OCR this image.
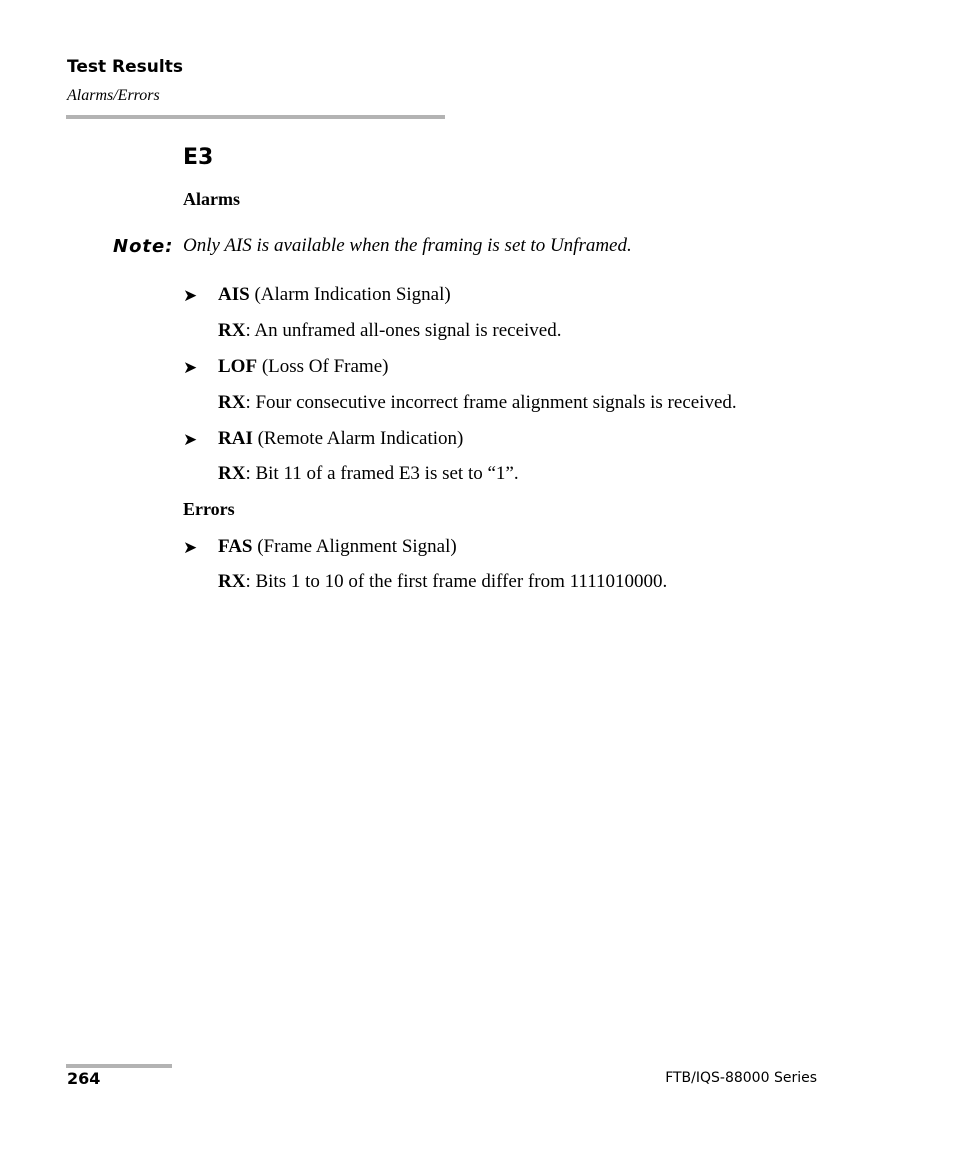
Test Results
Alarms/Errors
E3
Alarms
Note: Only AIS is available when the framing is set to Unframed.
➤ AIS (Alarm Indication Signal)
RX: An unframed all-ones signal is received.
➤ LOF (Loss Of Frame)
RX: Four consecutive incorrect frame alignment signals is received.
➤ RAI (Remote Alarm Indication)
RX: Bit 11 of a framed E3 is set to “1”.
Errors
➤ FAS (Frame Alignment Signal)
RX: Bits 1 to 10 of the first frame differ from 1111010000.
264	FTB/IQS-88000 Series
